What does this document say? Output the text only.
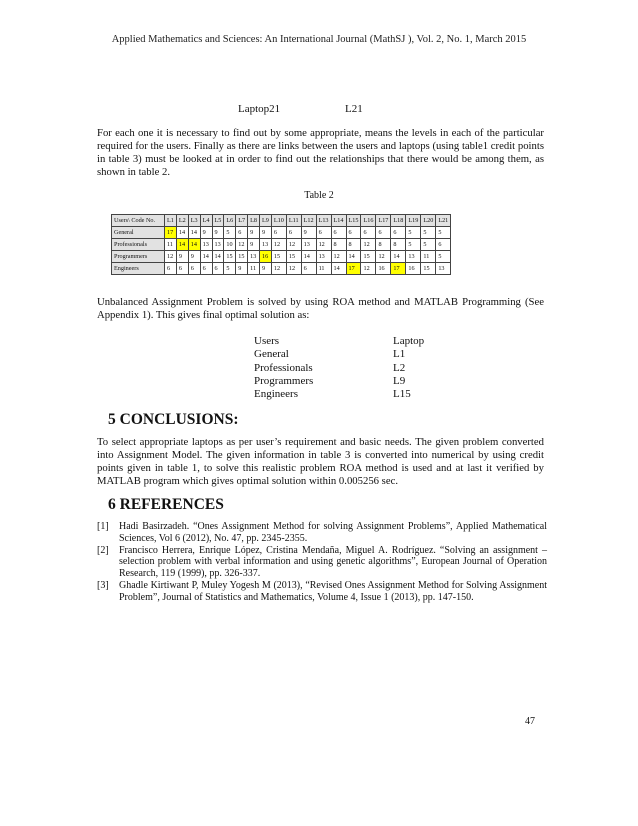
Applied Mathematics and Sciences: An International Journal (MathSJ ), Vol. 2, No. 1, March 2015
Laptop21	L21

For each one it is necessary to find out by some appropriate, means the levels in each of the particular required for the users. Finally as there are links between the users and laptops (using table1 credit points in table 3) must be looked at in order to find out the relationships that there would be among them, as shown in table 2.

Table 2
Users\ Code No.	L1	L2	L3	L4	L5	L6	L7	L8	L9	L10	L11	L12	L13	L14	L15	L16	L17	L18	L19	L20	L21
General	17	14	14	9	9	5	6	9	9	6	6	9	6	6	6	6	6	6	5	5	5
Professionals	11	14	14	13	13	10	12	9	13	12	12	13	12	8	8	12	8	8	5	5	6
Programmers	12	9	9	14	14	15	15	13	16	15	15	14	13	12	14	15	12	14	13	11	5
Engineers	6	6	6	6	6	5	9	11	9	12	12	6	11	14	17	12	16	17	16	15	13

Unbalanced Assignment Problem is solved by using ROA method and MATLAB Programming (See Appendix 1). This gives final optimal solution as:

Users	Laptop
General	L1
Professionals	L2
Programmers	L9
Engineers	L15
5 CONCLUSIONS:

To select appropriate laptops as per user’s requirement and basic needs. The given problem converted into Assignment Model. The given information in table 3 is converted into numerical by using credit points given in table 1, to solve this realistic problem ROA method is used and at last it verified by MATLAB program which gives optimal solution within 0.005256 sec.

6 REFERENCES
[1]	Hadi Basirzadeh. “Ones Assignment Method for solving Assignment Problems”, Applied Mathematical Sciences, Vol 6 (2012), No. 47, pp. 2345-2355.
[2]	Francisco Herrera, Enrique López, Cristina Mendaña, Miguel A. Rodríguez. “Solving an assignment – selection problem with verbal information and using genetic algorithms”, European Journal of Operation Research, 119 (1999), pp. 326-337.
[3]	Ghadle Kirtiwant P, Muley Yogesh M (2013), “Revised Ones Assignment Method for Solving Assignment Problem”, Journal of Statistics and Mathematics, Volume 4, Issue 1 (2013), pp. 147-150.
47
